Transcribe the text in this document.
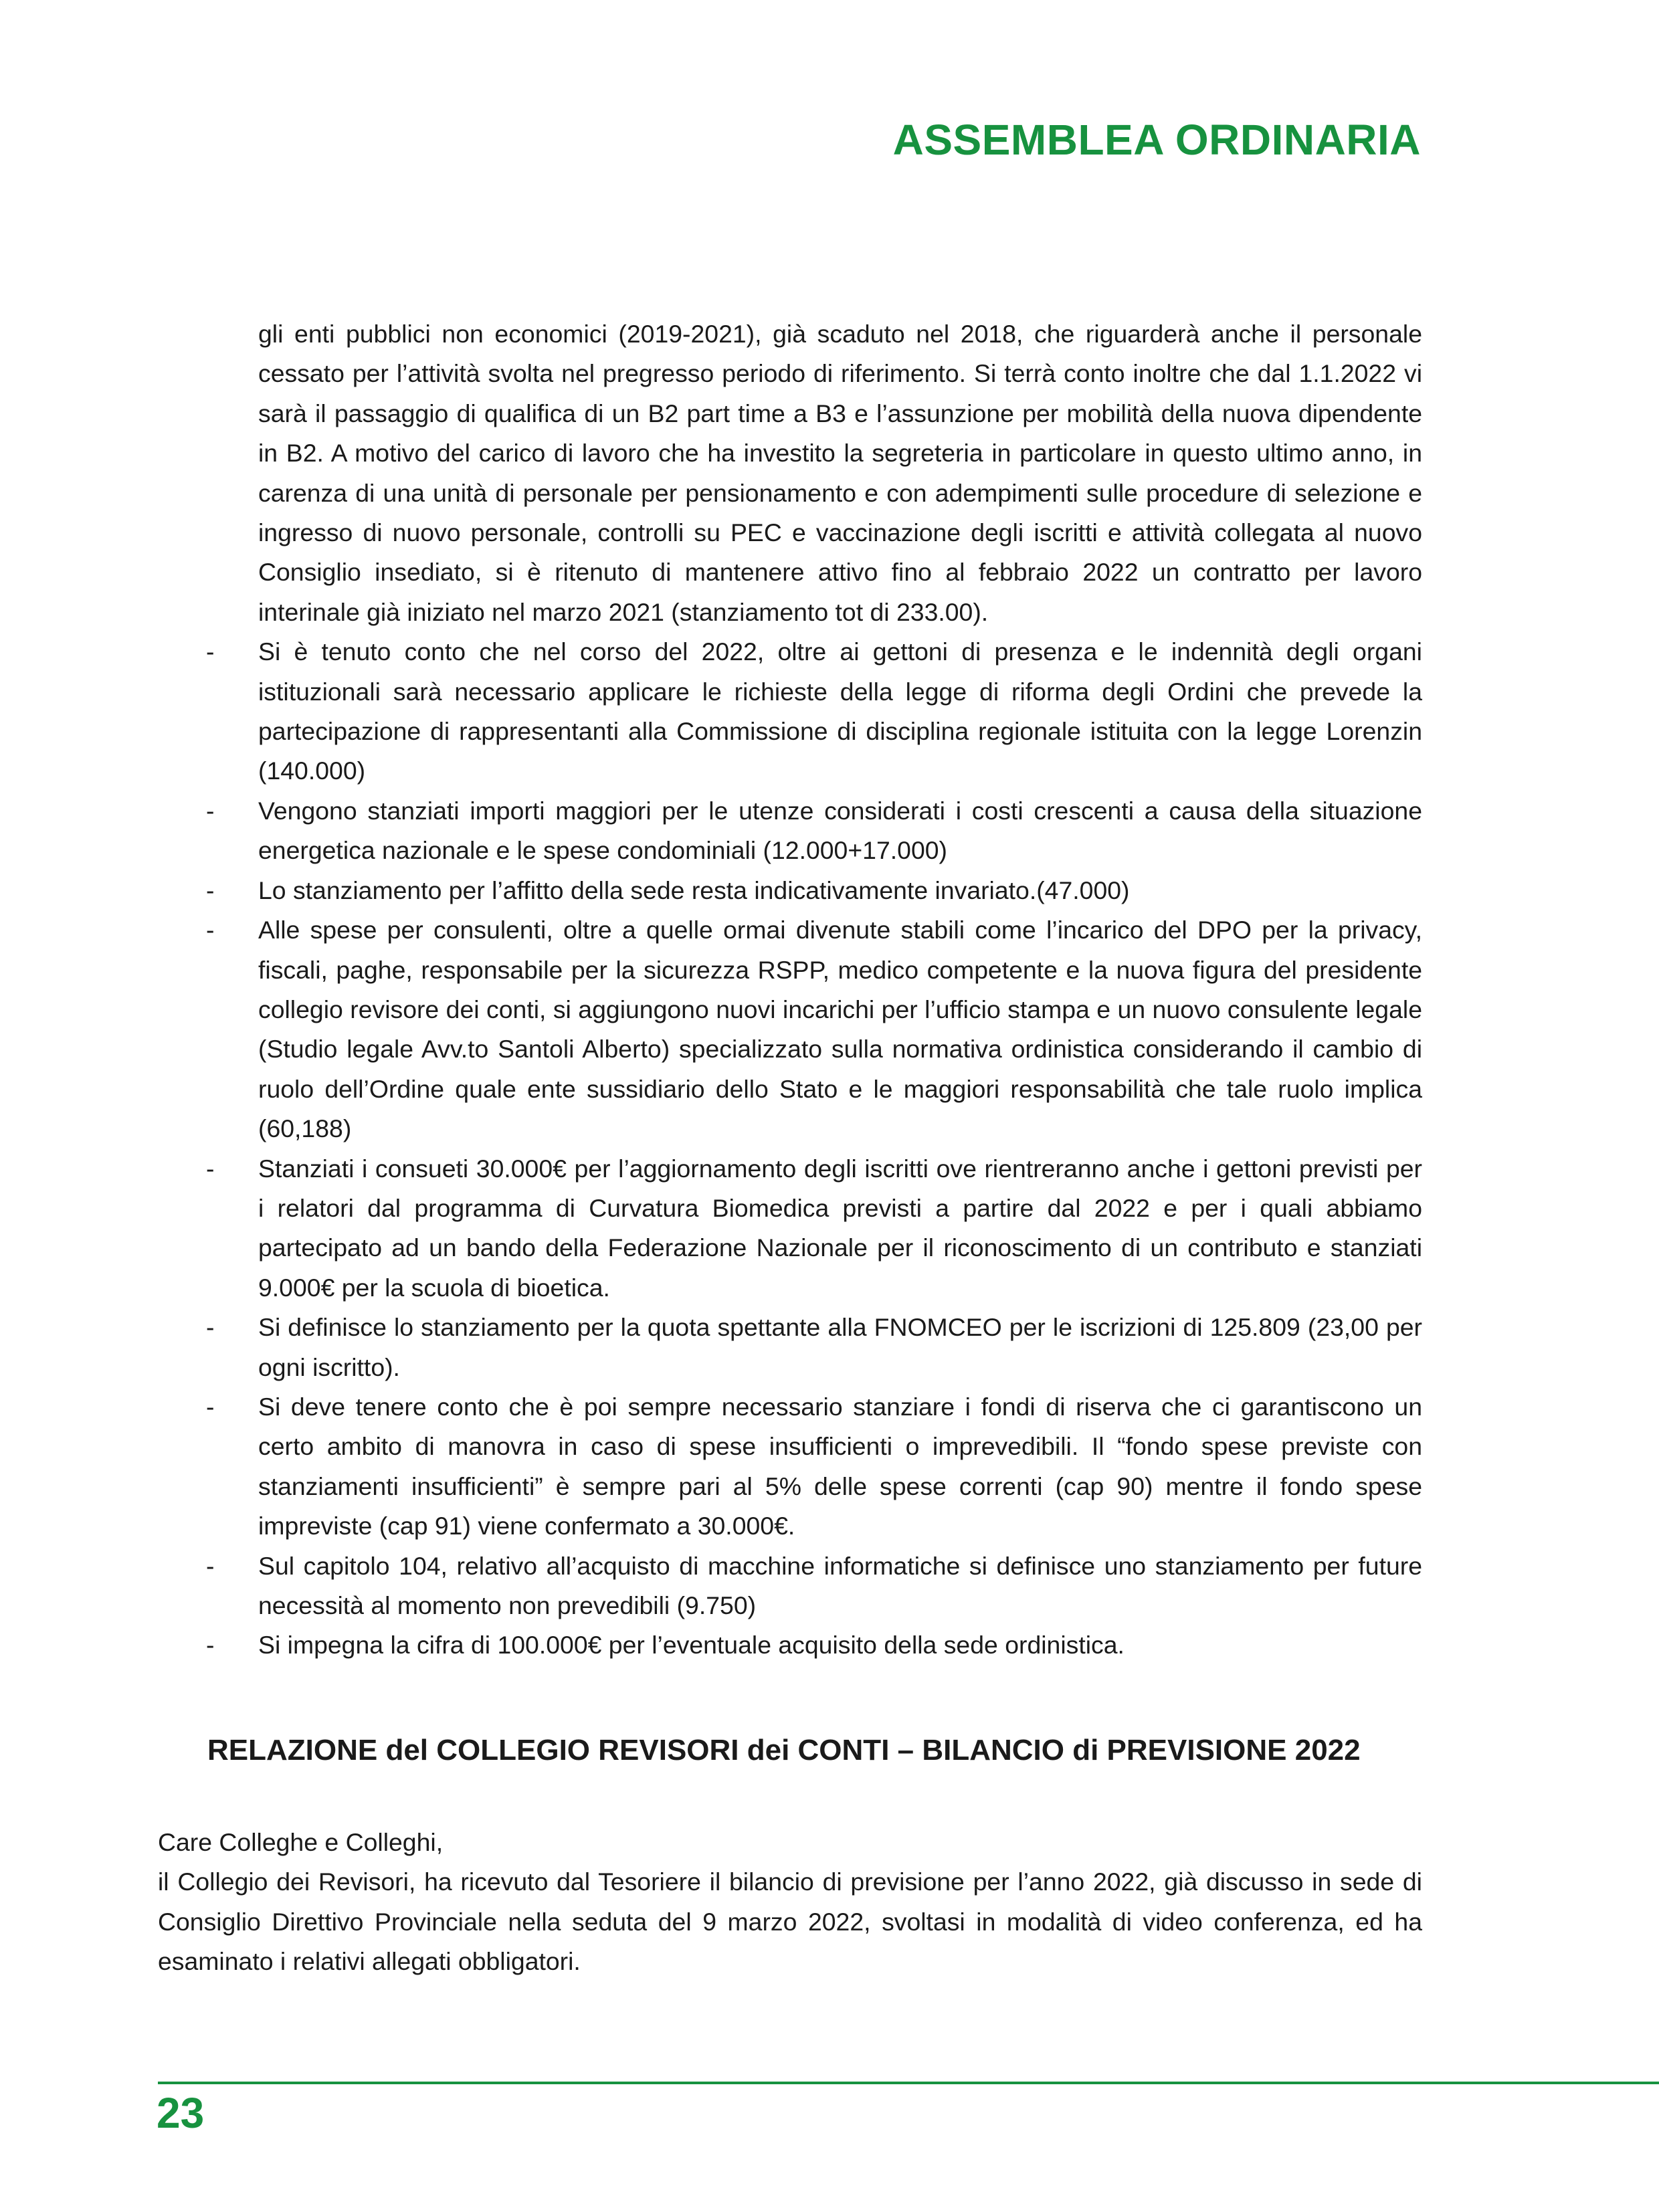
ASSEMBLEA ORDINARIA

gli enti pubblici non economici (2019-2021), già scaduto nel 2018, che riguarderà anche il personale cessato per l’attività svolta nel pregresso periodo di riferimento. Si terrà conto inoltre che dal 1.1.2022 vi sarà il passaggio di qualifica di un B2 part time a B3 e l’assunzione per mobilità della nuova dipendente in B2. A motivo del carico di lavoro che ha investito la segreteria in particolare in questo ultimo anno, in carenza di una unità di personale per pensionamento e con adempimenti sulle procedure di selezione e ingresso di nuovo personale, controlli su PEC e vaccinazione degli iscritti e attività collegata al nuovo Consiglio insediato, si è ritenuto di mantenere attivo fino al febbraio 2022 un contratto per lavoro interinale già iniziato nel marzo 2021 (stanziamento tot di 233.00).

- Si è tenuto conto che nel corso del 2022, oltre ai gettoni di presenza e le indennità degli organi istituzionali sarà necessario applicare le richieste della legge di riforma degli Ordini che prevede la partecipazione di rappresentanti alla Commissione di disciplina regionale istituita con la legge Lorenzin (140.000)
- Vengono stanziati importi maggiori per le utenze considerati i costi crescenti a causa della situazione energetica nazionale e le spese condominiali (12.000+17.000)
- Lo stanziamento per l’affitto della sede resta indicativamente invariato.(47.000)
- Alle spese per consulenti, oltre a quelle ormai divenute stabili come l’incarico del DPO per la privacy, fiscali, paghe, responsabile per la sicurezza RSPP, medico competente e la nuova figura del presidente collegio revisore dei conti, si aggiungono nuovi incarichi per l’ufficio stampa e un nuovo consulente legale (Studio legale Avv.to Santoli Alberto) specializzato sulla normativa ordinistica considerando il cambio di ruolo dell’Ordine quale ente sussidiario dello Stato e le maggiori responsabilità che tale ruolo implica (60,188)
- Stanziati i consueti 30.000€ per l’aggiornamento degli iscritti ove rientreranno anche i gettoni previsti per i relatori dal programma di Curvatura Biomedica previsti a partire dal 2022 e per i quali abbiamo partecipato ad un bando della Federazione Nazionale per il riconoscimento di un contributo e stanziati 9.000€ per la scuola di bioetica.
- Si definisce lo stanziamento per la quota spettante alla FNOMCEO per le iscrizioni di 125.809 (23,00 per ogni iscritto).
- Si deve tenere conto che è poi sempre necessario stanziare i fondi di riserva che ci garantiscono un certo ambito di manovra in caso di spese insufficienti o imprevedibili. Il “fondo spese previste con stanziamenti insufficienti” è sempre pari al 5% delle spese correnti (cap 90) mentre il fondo spese impreviste (cap 91) viene confermato a 30.000€.
- Sul capitolo 104, relativo all’acquisto di macchine informatiche si definisce uno stanziamento per future necessità al momento non prevedibili (9.750)
- Si impegna la cifra di 100.000€ per l’eventuale acquisito della sede ordinistica.
RELAZIONE del COLLEGIO REVISORI dei CONTI – BILANCIO di PREVISIONE 2022

Care Colleghe e Colleghi,

il Collegio dei Revisori, ha ricevuto dal Tesoriere il bilancio di previsione per l’anno 2022, già discusso in sede di Consiglio Direttivo Provinciale nella seduta del 9 marzo 2022, svoltasi in modalità di video conferenza, ed ha esaminato i relativi allegati obbligatori.

23
